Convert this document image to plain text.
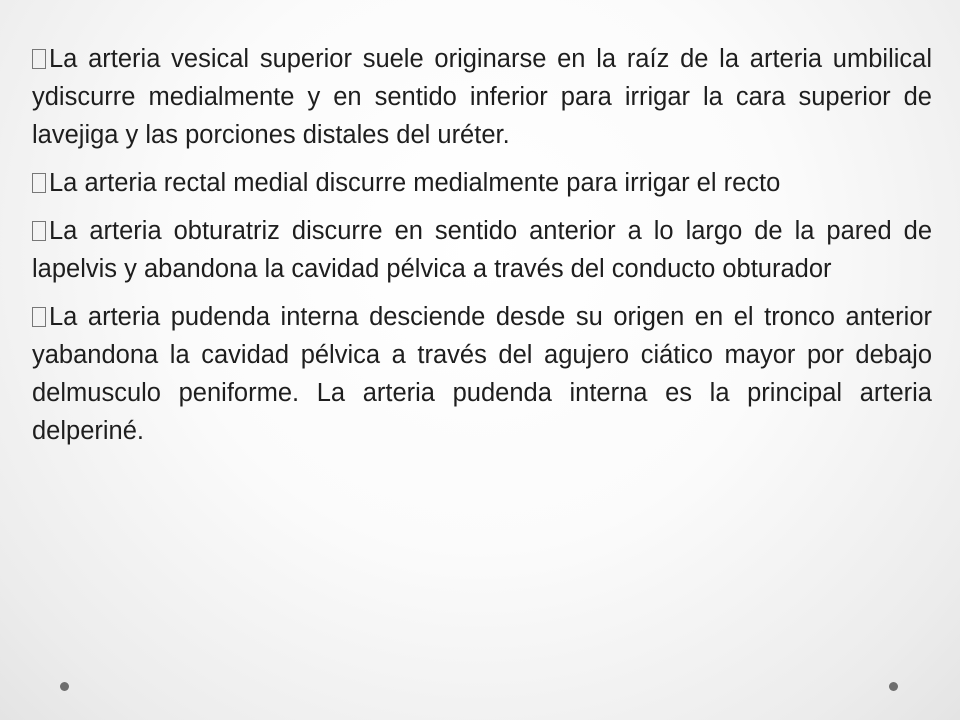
La arteria vesical superior suele originarse en la raíz de la arteria umbilical ydiscurre medialmente y en sentido inferior para irrigar la cara superior de lavejiga y las porciones distales del uréter.

La arteria rectal medial discurre medialmente para irrigar el recto

La arteria obturatriz discurre en sentido anterior a lo largo de la pared de lapelvis y abandona la cavidad pélvica a través del conducto obturador

La arteria pudenda interna desciende desde su origen en el tronco anterior yabandona la cavidad pélvica a través del agujero ciático mayor por debajo delmusculo peniforme. La arteria pudenda interna es la principal arteria delperiné.
